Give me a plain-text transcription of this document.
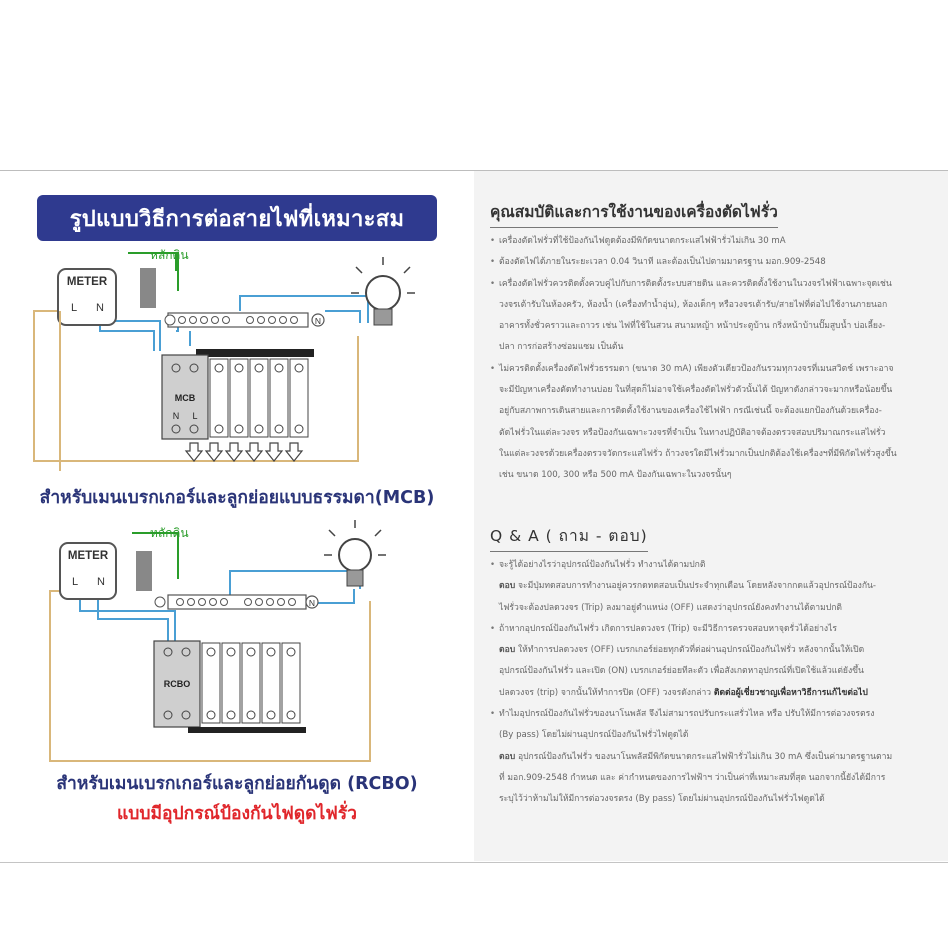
รูปแบบวิธีการต่อสายไฟที่เหมาะสม
หลักดิน
METER
L N
N
MCB
N L
หลักดิน
METER
L N
N
RCBO
สำหรับเมนเบรกเกอร์และลูกย่อยแบบธรรมดา(MCB)
สำหรับเมนเบรกเกอร์และลูกย่อยกันดูด (RCBO)
แบบมีอุปกรณ์ป้องกันไฟดูดไฟรั่ว
คุณสมบัติและการใช้งานของเครื่องตัดไฟรั่ว
• เครื่องตัดไฟรั่วที่ใช้ป้องกันไฟดูดต้องมีพิกัดขนาดกระแสไฟฟ้ารั่วไม่เกิน 30 mA
• ต้องตัดไฟได้ภายในระยะเวลา 0.04 วินาที และต้องเป็นไปตามมาตรฐาน มอก.909-2548
• เครื่องตัดไฟรั่วควรติดตั้งควบคู่ไปกับการติดตั้งระบบสายดิน และควรติดตั้งใช้งานในวงจรไฟฟ้าเฉพาะจุดเช่น
วงจรเต้ารับในห้องครัว, ห้องน้ำ (เครื่องทำน้ำอุ่น), ห้องเด็กๆ หรือวงจรเต้ารับ/สายไฟที่ต่อไปใช้งานภายนอก
อาคารทั้งชั่วคราวและถาวร เช่น ไฟที่ใช้ในสวน สนามหญ้า หน้าประตูบ้าน กริ่งหน้าบ้านปั๊มสูบน้ำ บ่อเลี้ยง-
ปลา การก่อสร้างซ่อมแซม เป็นต้น
• ไม่ควรติดตั้งเครื่องตัดไฟรั่วธรรมดา (ขนาด 30 mA) เพียงตัวเดียวป้องกันรวมทุกวงจรที่เมนสวิตช์ เพราะอาจ
จะมีปัญหาเครื่องตัดทำงานบ่อย ในที่สุดก็ไม่อาจใช้เครื่องตัดไฟรั่วตัวนั้นได้ ปัญหาดังกล่าวจะมากหรือน้อยขึ้น
อยู่กับสภาพการเดินสายและการติดตั้งใช้งานของเครื่องใช้ไฟฟ้า กรณีเช่นนี้ จะต้องแยกป้องกันด้วยเครื่อง-
ตัดไฟรั่วในแต่ละวงจร หรือป้องกันเฉพาะวงจรที่จำเป็น ในทางปฏิบัติอาจต้องตรวจสอบปริมาณกระแสไฟรั่ว
ในแต่ละวงจรด้วยเครื่องตรวจวัดกระแสไฟรั่ว ถ้าวงจรใดมีไฟรั่วมากเป็นปกติต้องใช้เครื่องฯที่มีพิกัดไฟรั่วสูงขึ้น
เช่น ขนาด 100, 300 หรือ 500 mA ป้องกันเฉพาะในวงจรนั้นๆ
Q & A ( ถาม - ตอบ)
• จะรู้ได้อย่างไรว่าอุปกรณ์ป้องกันไฟรั่ว ทำงานได้ตามปกติ
ตอบ จะมีปุ่มทดสอบการทำงานอยู่ควรกดทดสอบเป็นประจำทุกเดือน โดยหลังจากกดแล้วอุปกรณ์ป้องกัน-
ไฟรั่วจะต้องปลดวงจร (Trip) ลงมาอยู่ตำแหน่ง (OFF) แสดงว่าอุปกรณ์ยังคงทำงานได้ตามปกติ
• ถ้าหากอุปกรณ์ป้องกันไฟรั่ว เกิดการปลดวงจร (Trip) จะมีวิธีการตรวจสอบหาจุดรั่วได้อย่างไร
ตอบ ให้ทำการปลดวงจร (OFF) เบรกเกอร์ย่อยทุกตัวที่ต่อผ่านอุปกรณ์ป้องกันไฟรั่ว หลังจากนั้นให้เปิด
อุปกรณ์ป้องกันไฟรั่ว และเปิด (ON) เบรกเกอร์ย่อยทีละตัว เพื่อสังเกตหาอุปกรณ์ที่เปิดใช้แล้วแต่ยังขึ้น
ปลดวงจร (trip) จากนั้นให้ทำการปิด (OFF) วงจรดังกล่าว ติดต่อผู้เชี่ยวชาญเพื่อหาวิธีการแก้ไขต่อไป
• ทำไมอุปกรณ์ป้องกันไฟรั่วของนาโนพลัส จึงไม่สามารถปรับกระแสรั่วไหล หรือ ปรับให้มีการต่อวงจรตรง
(By pass) โดยไม่ผ่านอุปกรณ์ป้องกันไฟรั่วไฟดูดได้
ตอบ อุปกรณ์ป้องกันไฟรั่ว ของนาโนพลัสมีพิกัดขนาดกระแสไฟฟ้ารั่วไม่เกิน 30 mA ซึ่งเป็นค่ามาตรฐานตาม
ที่ มอก.909-2548 กำหนด และ ค่ากำหนดของการไฟฟ้าฯ ว่าเป็นค่าที่เหมาะสมที่สุด นอกจากนี้ยังได้มีการ
ระบุไว้ว่าห้ามไม่ให้มีการต่อวงจรตรง (By pass) โดยไม่ผ่านอุปกรณ์ป้องกันไฟรั่วไฟดูดได้
